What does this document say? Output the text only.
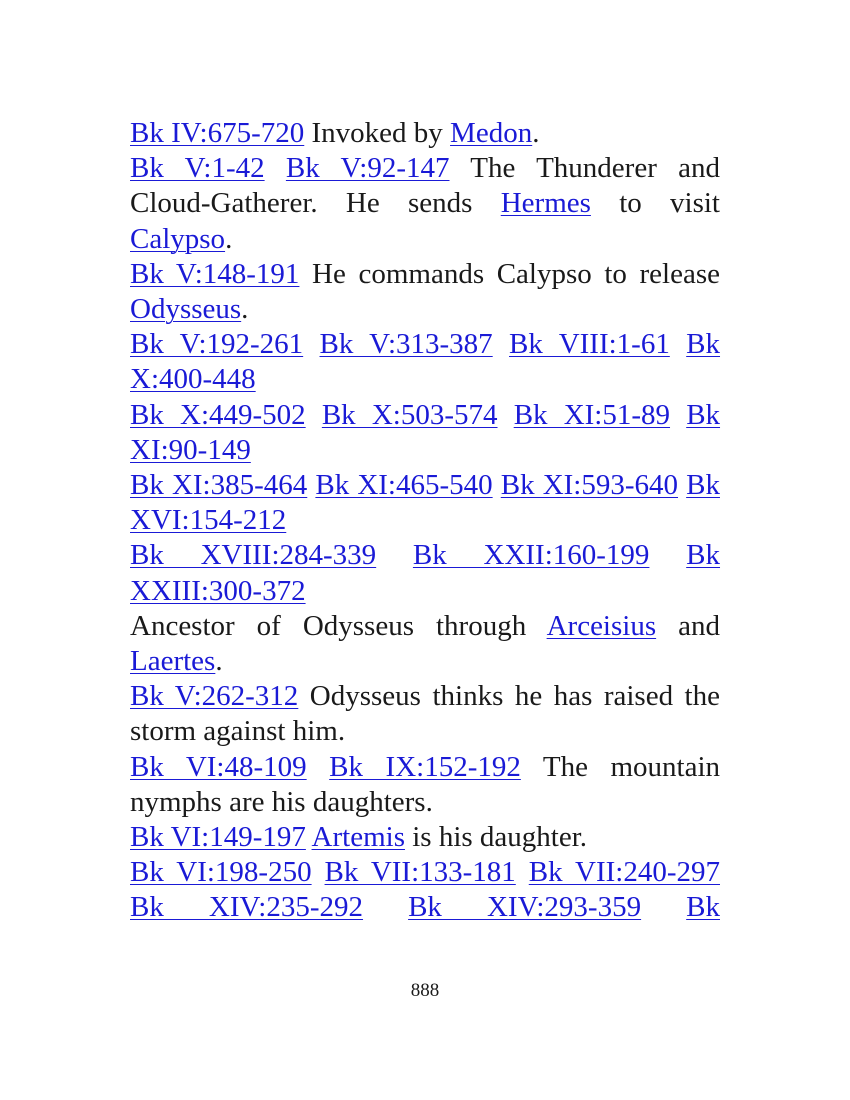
Bk IV:675-720 Invoked by Medon.

Bk V:1-42 Bk V:92-147 The Thunderer and Cloud-Gatherer. He sends Hermes to visit Calypso.

Bk V:148-191 He commands Calypso to release Odysseus.

Bk V:192-261 Bk V:313-387 Bk VIII:1-61 Bk X:400-448

Bk X:449-502 Bk X:503-574 Bk XI:51-89 Bk XI:90-149

Bk XI:385-464 Bk XI:465-540 Bk XI:593-640 Bk XVI:154-212

Bk XVIII:284-339 Bk XXII:160-199 Bk XXIII:300-372

Ancestor of Odysseus through Arceisius and Laertes.

Bk V:262-312 Odysseus thinks he has raised the storm against him.

Bk VI:48-109 Bk IX:152-192 The mountain nymphs are his daughters.

Bk VI:149-197 Artemis is his daughter.

Bk VI:198-250 Bk VII:133-181 Bk VII:240-297 Bk XIV:235-292 Bk XIV:293-359 Bk

888
